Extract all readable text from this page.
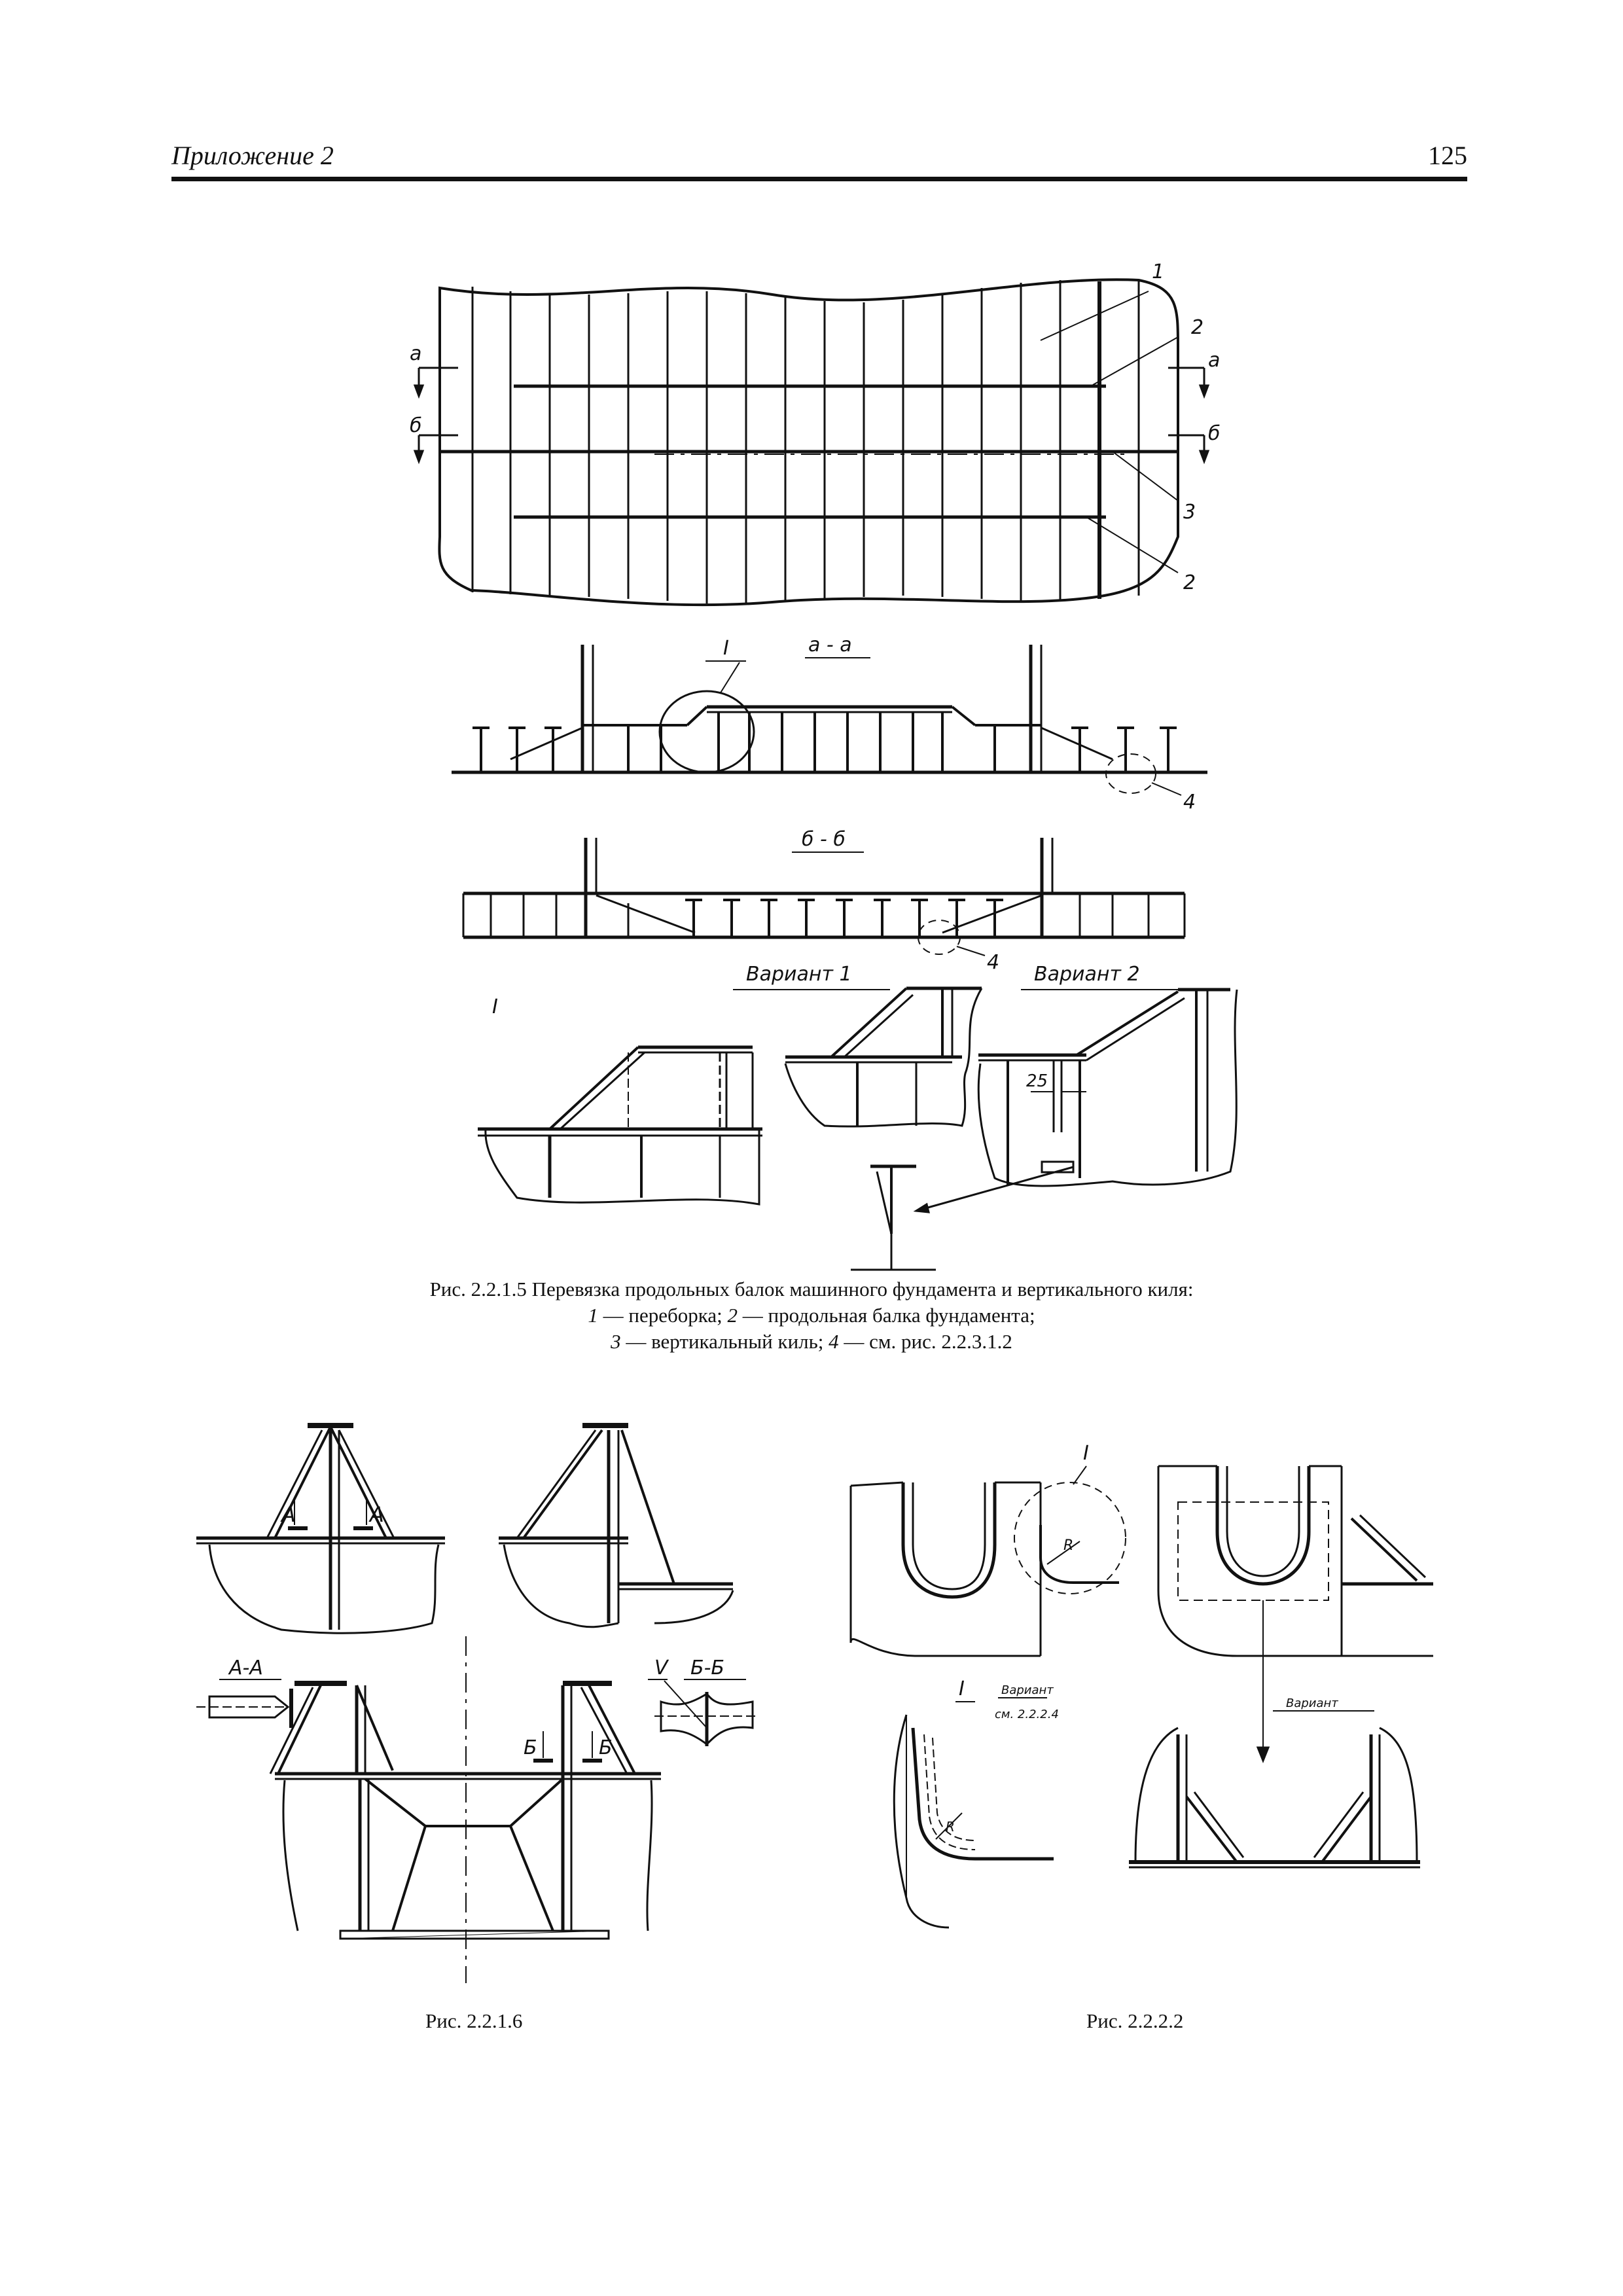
Приложение 2	125
1
2
3
2
а
б
а
б
а - а
I
4
б - б
4
I
Вариант 1	Вариант 2
25
А	А
А-А
Б	Б
V Б-Б
R
I
I	Вариант
см. 2.2.2.4
R
Вариант
Рис. 2.2.1.5 Перевязка продольных балок машинного фундамента и вертикального киля:
1 — переборка; 2 — продольная балка фундамента;
3 — вертикальный киль; 4 — см. рис. 2.2.3.1.2
Рис. 2.2.1.6	Рис. 2.2.2.2
